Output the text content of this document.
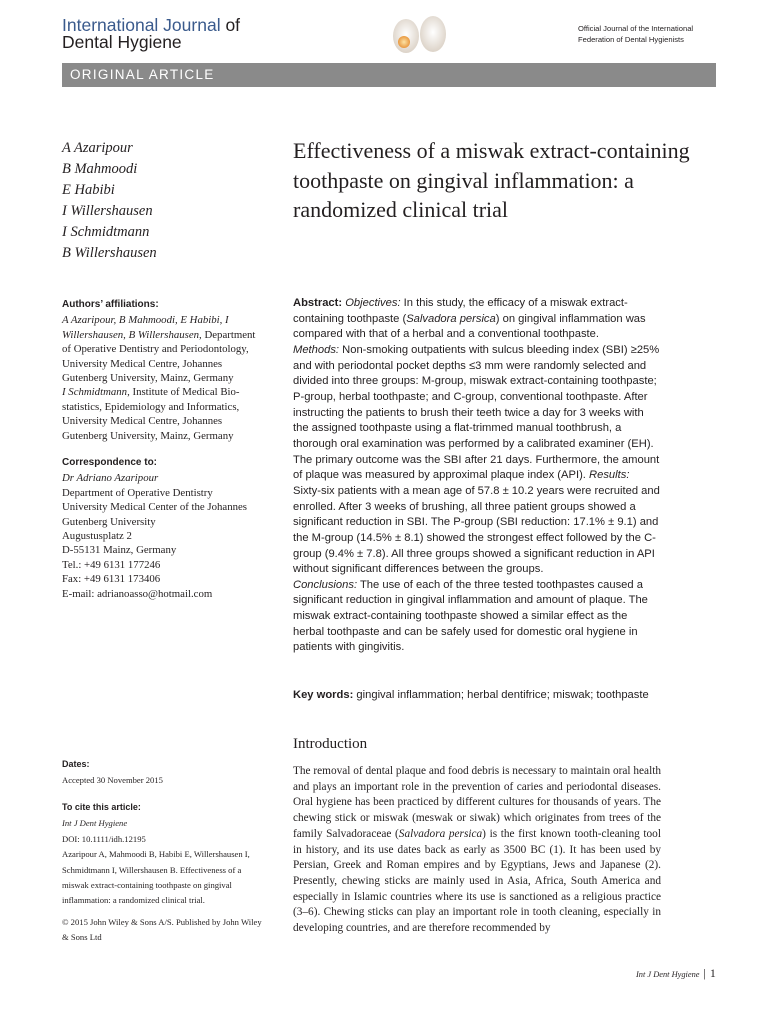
International Journal of
Dental Hygiene
Official Journal of the International
Federation of Dental Hygienists
ORIGINAL ARTICLE
A Azaripour
B Mahmoodi
E Habibi
I Willershausen
I Schmidtmann
B Willershausen
Effectiveness of a miswak extract-containing toothpaste on gingival inflammation: a randomized clinical trial
Authors’ affiliations:
A Azaripour, B Mahmoodi, E Habibi, I Willershausen, B Willershausen, Department of Operative Dentistry and Periodontology, University Medical Centre, Johannes Gutenberg University, Mainz, Germany
I Schmidtmann, Institute of Medical Bio-statistics, Epidemiology and Informatics, University Medical Centre, Johannes Gutenberg University, Mainz, Germany
Correspondence to:
Dr Adriano Azaripour
Department of Operative Dentistry
University Medical Center of the Johannes
Gutenberg University
Augustusplatz 2
D-55131 Mainz, Germany
Tel.: +49 6131 177246
Fax: +49 6131 173406
E-mail: adrianoasso@hotmail.com
Dates:
Accepted 30 November 2015
To cite this article:
Int J Dent Hygiene
DOI: 10.1111/idh.12195
Azaripour A, Mahmoodi B, Habibi E, Willershausen I, Schmidtmann I, Willershausen B. Effectiveness of a miswak extract-containing toothpaste on gingival inflammation: a randomized clinical trial.
© 2015 John Wiley & Sons A/S. Published by John Wiley & Sons Ltd
Abstract: Objectives: In this study, the efficacy of a miswak extract-containing toothpaste (Salvadora persica) on gingival inflammation was compared with that of a herbal and a conventional toothpaste.
Methods: Non-smoking outpatients with sulcus bleeding index (SBI) ≥25% and with periodontal pocket depths ≤3 mm were randomly selected and divided into three groups: M-group, miswak extract-containing toothpaste; P-group, herbal toothpaste; and C-group, conventional toothpaste. After instructing the patients to brush their teeth twice a day for 3 weeks with the assigned toothpaste using a flat-trimmed manual toothbrush, a thorough oral examination was performed by a calibrated examiner (EH). The primary outcome was the SBI after 21 days. Furthermore, the amount of plaque was measured by approximal plaque index (API). Results: Sixty-six patients with a mean age of 57.8 ± 10.2 years were recruited and enrolled. After 3 weeks of brushing, all three patient groups showed a significant reduction in SBI. The P-group (SBI reduction: 17.1% ± 9.1) and the M-group (14.5% ± 8.1) showed the strongest effect followed by the C-group (9.4% ± 7.8). All three groups showed a significant reduction in API without significant differences between the groups.
Conclusions: The use of each of the three tested toothpastes caused a significant reduction in gingival inflammation and amount of plaque. The miswak extract-containing toothpaste showed a similar effect as the herbal toothpaste and can be safely used for domestic oral hygiene in patients with gingivitis.
Key words: gingival inflammation; herbal dentifrice; miswak; toothpaste
Introduction

The removal of dental plaque and food debris is necessary to maintain oral health and plays an important role in the prevention of caries and periodontal diseases. Oral hygiene has been practiced by different cultures for thousands of years. The chewing stick or miswak (meswak or siwak) which originates from trees of the family Salvadoraceae (Salvadora persica) is the first known tooth-cleaning tool in history, and its use dates back as early as 3500 BC (1). It has been used by Persian, Greek and Roman empires and by Egyptians, Jews and Japanese (2). Presently, chewing sticks are mainly used in Asia, Africa, South America and especially in Islamic countries where its use is sanctioned as a religious practice (3–6). Chewing sticks can play an important role in tooth cleaning, especially in developing countries, and are therefore recommended by

Int J Dent Hygiene | 1
